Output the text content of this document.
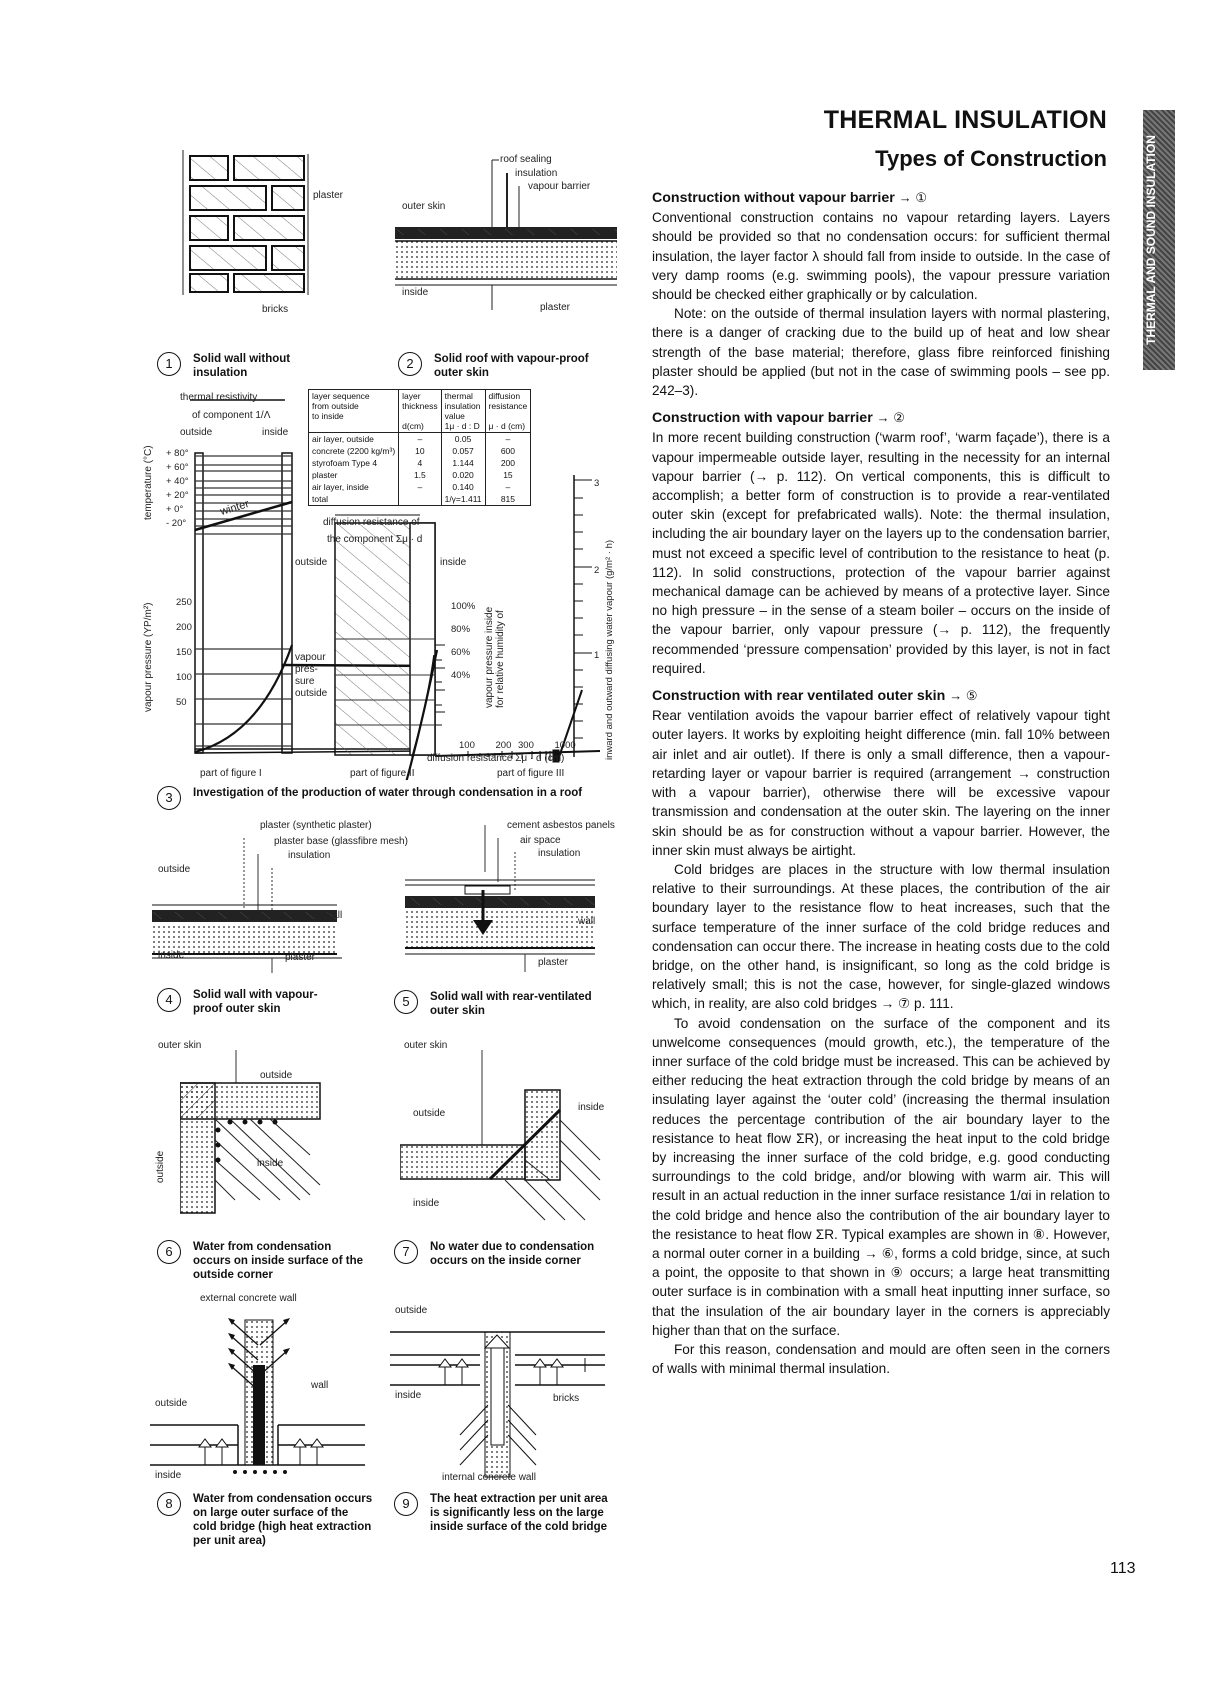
THERMAL INSULATION
Types of Construction	THERMAL AND SOUND INSULATION
Construction without vapour barrier → ①

Conventional construction contains no vapour retarding layers. Layers should be provided so that no condensation occurs: for sufficient thermal insulation, the layer factor λ should fall from inside to outside. In the case of very damp rooms (e.g. swimming pools), the vapour pressure variation should be checked either graphically or by calculation.

Note: on the outside of thermal insulation layers with normal plastering, there is a danger of cracking due to the build up of heat and low shear strength of the base material; therefore, glass fibre reinforced finishing plaster should be applied (but not in the case of swimming pools – see pp. 242–3).

Construction with vapour barrier → ②

In more recent building construction (‘warm roof’, ‘warm façade’), there is a vapour impermeable outside layer, resulting in the necessity for an internal vapour barrier (→ p. 112). On vertical components, this is difficult to accomplish; a better form of construction is to provide a rear-ventilated outer skin (except for prefabricated walls). Note: the thermal insulation, including the air boundary layer on the layers up to the condensation barrier, must not exceed a specific level of contribution to the resistance to heat (p. 112). In solid constructions, protection of the vapour barrier against mechanical damage can be achieved by means of a protective layer. Since no high pressure – in the sense of a steam boiler – occurs on the inside of the vapour barrier, only vapour pressure (→ p. 112), the frequently recommended ‘pressure compensation’ provided by this layer, is not in fact required.

Construction with rear ventilated outer skin → ⑤

Rear ventilation avoids the vapour barrier effect of relatively vapour tight outer layers. It works by exploiting height difference (min. fall 10% between air inlet and air outlet). If there is only a small difference, then a vapour-retarding layer or vapour barrier is required (arrangement → construction with a vapour barrier), otherwise there will be excessive vapour transmission and condensation at the outer skin. The layering on the inner skin should be as for construction without a vapour barrier. However, the inner skin must always be airtight.

Cold bridges are places in the structure with low thermal insulation relative to their surroundings. At these places, the contribution of the air boundary layer to the resistance flow to heat increases, such that the surface temperature of the inner surface of the cold bridge reduces and condensation can occur there. The increase in heating costs due to the cold bridge, on the other hand, is insignificant, so long as the cold bridge is relatively small; this is not the case, however, for single-glazed windows which, in reality, are also cold bridges → ⑦ p. 111.

To avoid condensation on the surface of the component and its unwelcome consequences (mould growth, etc.), the temperature of the inner surface of the cold bridge must be increased. This can be achieved by either reducing the heat extraction through the cold bridge by means of an insulating layer against the ‘outer cold’ (increasing the thermal insulation reduces the percentage contribution of the air boundary layer to the resistance to heat flow ΣR), or increasing the heat input to the cold bridge by increasing the inner surface of the cold bridge, e.g. good conducting surroundings to the cold bridge, and/or blowing with warm air. This will result in an actual reduction in the inner surface resistance 1/αi in relation to the cold bridge and hence also the contribution of the air boundary layer to the resistance to heat flow ΣR. Typical examples are shown in ⑧. However, a normal outer corner in a building → ⑥, forms a cold bridge, since, at such a point, the opposite to that shown in ⑨ occurs; a large heat transmitting outer surface is in combination with a small heat inputting inner surface, so that the insulation of the air boundary layer in the corners is appreciably higher than that on the surface.

For this reason, condensation and mould are often seen in the corners of walls with minimal thermal insulation.

113
plaster
bricks
roof sealing
insulation
vapour barrier
outer skin
inside
plaster
1	Solid wall without insulation
2	Solid roof with vapour-proof outer skin
thermal resistivity
of component 1/Λ
outside	inside
temperature (°C) + 80°
+ 60°
+ 40°
+ 20°
+ 0°
- 20°
winter
vapour pressure (YP/m²)
250
200
150
100
50
layer sequence
from outside
to inside

layer
thickness

d(cm)

thermal
insulation
value
1μ · d : D

diffusion
resistance

μ · d (cm)

air layer, outside	–	0.05	–
concrete (2200 kg/m³)	10	0.057	600
styrofoam Type 4	4	1.144	200
plaster	1.5	0.020	15
air layer, inside	–	0.140	–
total		1/γ=1.411	815
diffusion resistance of
the component Σμ · d
outside	inside
vapour
pres-
sure
outside
100%
80%
60%
40%	vapour pressure inside for relative humidity of
100 200 300 1000
diffusion resistance Σμ · d (cm)
3
2
1 inward and outward diffusing water vapour (g/m² · h)
part of figure I	part of figure II	part of figure III
3	Investigation of the production of water through condensation in a roof
plaster (synthetic plaster)
plaster base (glassfibre mesh)
insulation
outside
wall
inside	plaster
4	Solid wall with vapour-proof outer skin
cement asbestos panels
air space
insulation
wall
plaster
5	Solid wall with rear-ventilated outer skin
outer skin
outside
inside
outside
6	Water from condensation occurs on inside surface of the outside corner
outer skin
outside
inside
inside
7	No water due to condensation occurs on the inside corner
external concrete wall
wall
outside
inside
8	Water from condensation occurs on large outer surface of the cold bridge (high heat extraction per unit area)
outside
inside	bricks
internal concrete wall
9	The heat extraction per unit area is significantly less on the large inside surface of the cold bridge
